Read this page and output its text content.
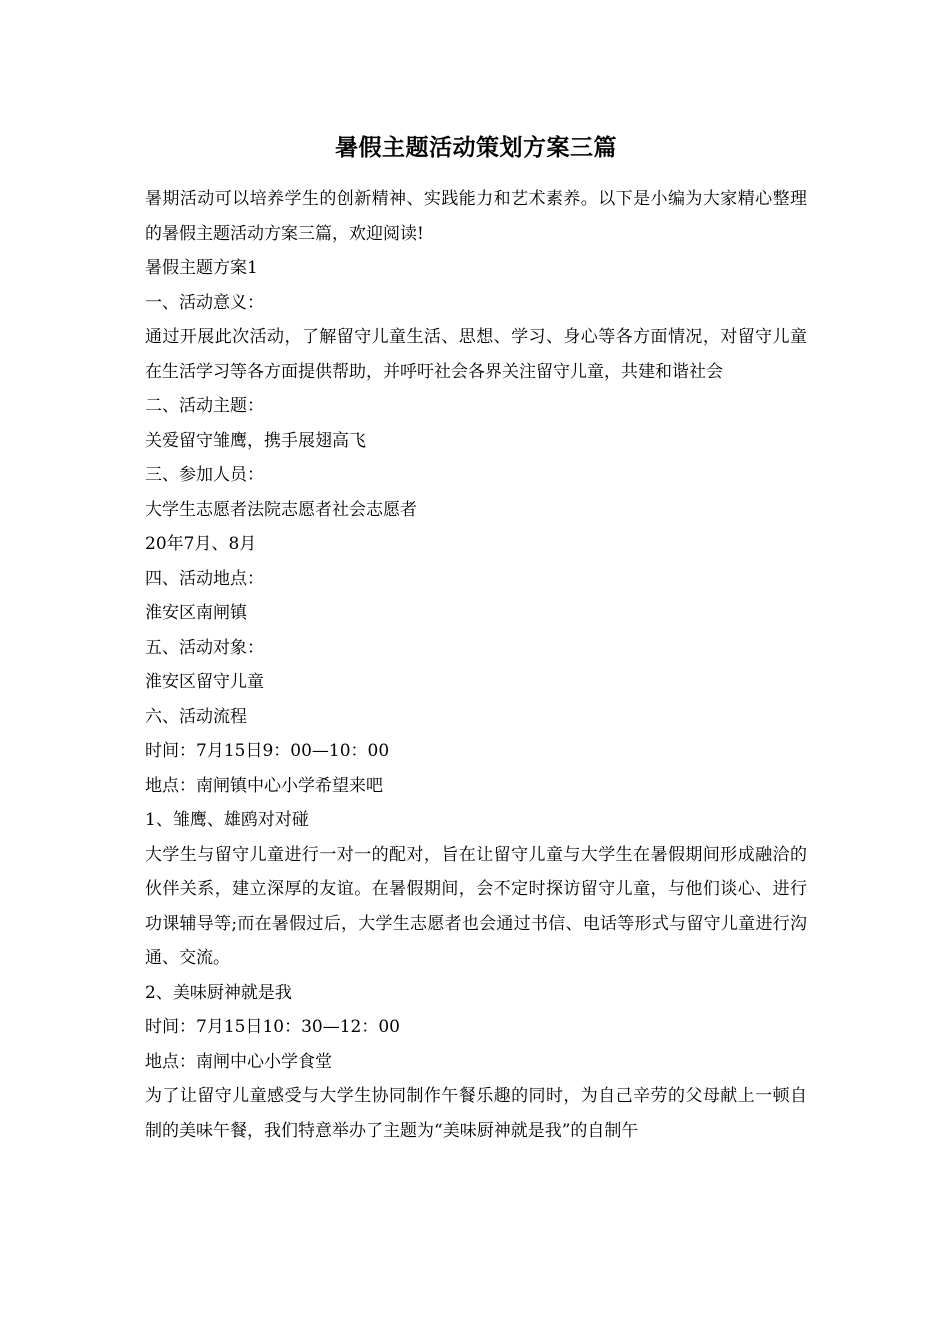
暑假主题活动策划方案三篇

暑期活动可以培养学生的创新精神、实践能力和艺术素养。以下是小编为大家精心整理的暑假主题活动方案三篇，欢迎阅读!

暑假主题方案1

一、活动意义：

通过开展此次活动，了解留守儿童生活、思想、学习、身心等各方面情况，对留守儿童在生活学习等各方面提供帮助，并呼吁社会各界关注留守儿童，共建和谐社会

二、活动主题：

关爱留守雏鹰，携手展翅高飞

三、参加人员：

大学生志愿者法院志愿者社会志愿者

20年7月、8月

四、活动地点：

淮安区南闸镇

五、活动对象：

淮安区留守儿童

六、活动流程

时间：7月15日9：00—10：00

地点：南闸镇中心小学希望来吧

1、雏鹰、雄鸥对对碰

大学生与留守儿童进行一对一的配对，旨在让留守儿童与大学生在暑假期间形成融洽的伙伴关系，建立深厚的友谊。在暑假期间，会不定时探访留守儿童，与他们谈心、进行功课辅导等;而在暑假过后，大学生志愿者也会通过书信、电话等形式与留守儿童进行沟通、交流。

2、美味厨神就是我

时间：7月15日10：30—12：00

地点：南闸中心小学食堂

为了让留守儿童感受与大学生协同制作午餐乐趣的同时，为自己辛劳的父母献上一顿自制的美味午餐，我们特意举办了主题为“美味厨神就是我”的自制午
